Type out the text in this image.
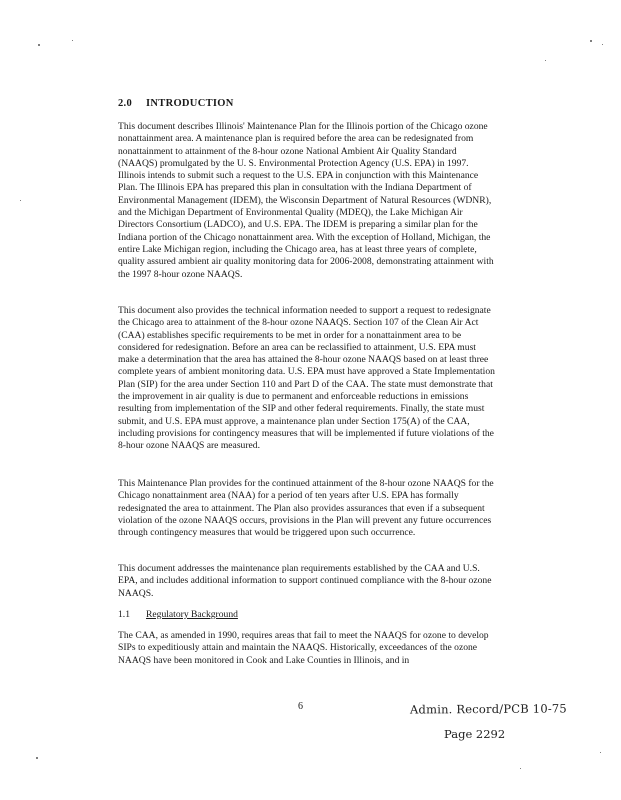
2.0 INTRODUCTION

This document describes Illinois' Maintenance Plan for the Illinois portion of the Chicago ozone nonattainment area. A maintenance plan is required before the area can be redesignated from nonattainment to attainment of the 8-hour ozone National Ambient Air Quality Standard (NAAQS) promulgated by the U. S. Environmental Protection Agency (U.S. EPA) in 1997. Illinois intends to submit such a request to the U.S. EPA in conjunction with this Maintenance Plan. The Illinois EPA has prepared this plan in consultation with the Indiana Department of Environmental Management (IDEM), the Wisconsin Department of Natural Resources (WDNR), and the Michigan Department of Environmental Quality (MDEQ), the Lake Michigan Air Directors Consortium (LADCO), and U.S. EPA. The IDEM is preparing a similar plan for the Indiana portion of the Chicago nonattainment area. With the exception of Holland, Michigan, the entire Lake Michigan region, including the Chicago area, has at least three years of complete, quality assured ambient air quality monitoring data for 2006-2008, demonstrating attainment with the 1997 8-hour ozone NAAQS.

This document also provides the technical information needed to support a request to redesignate the Chicago area to attainment of the 8-hour ozone NAAQS. Section 107 of the Clean Air Act (CAA) establishes specific requirements to be met in order for a nonattainment area to be considered for redesignation. Before an area can be reclassified to attainment, U.S. EPA must make a determination that the area has attained the 8-hour ozone NAAQS based on at least three complete years of ambient monitoring data. U.S. EPA must have approved a State Implementation Plan (SIP) for the area under Section 110 and Part D of the CAA. The state must demonstrate that the improvement in air quality is due to permanent and enforceable reductions in emissions resulting from implementation of the SIP and other federal requirements. Finally, the state must submit, and U.S. EPA must approve, a maintenance plan under Section 175(A) of the CAA, including provisions for contingency measures that will be implemented if future violations of the 8-hour ozone NAAQS are measured.

This Maintenance Plan provides for the continued attainment of the 8-hour ozone NAAQS for the Chicago nonattainment area (NAA) for a period of ten years after U.S. EPA has formally redesignated the area to attainment. The Plan also provides assurances that even if a subsequent violation of the ozone NAAQS occurs, provisions in the Plan will prevent any future occurrences through contingency measures that would be triggered upon such occurrence.

This document addresses the maintenance plan requirements established by the CAA and U.S. EPA, and includes additional information to support continued compliance with the 8-hour ozone NAAQS.

1.1 Regulatory Background

The CAA, as amended in 1990, requires areas that fail to meet the NAAQS for ozone to develop SIPs to expeditiously attain and maintain the NAAQS. Historically, exceedances of the ozone NAAQS have been monitored in Cook and Lake Counties in Illinois, and in

6	Admin. Record/PCB 10-75
Page 2292
